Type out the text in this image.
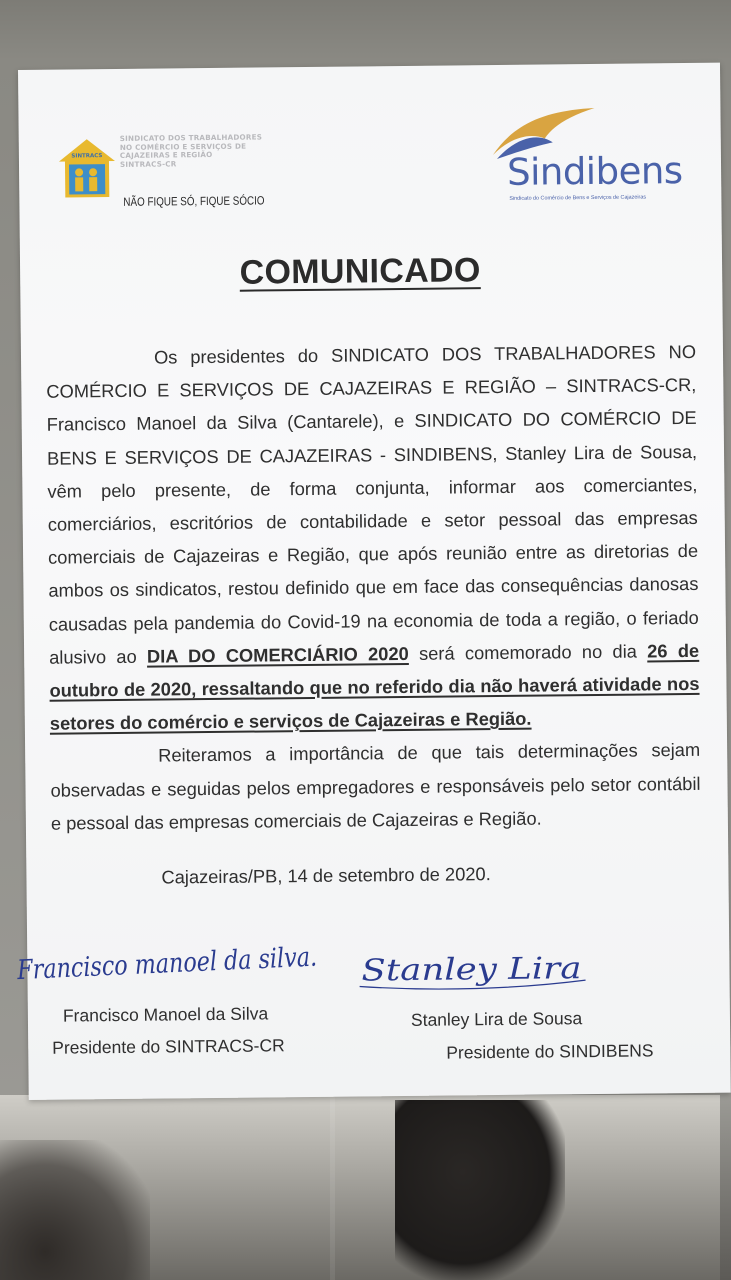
SINTRACS
SINDICATO DOS TRABALHADORES
NO COMÉRCIO E SERVIÇOS DE
CAJAZEIRAS E REGIÃO
SINTRACS-CR
NÃO FIQUE SÓ, FIQUE SÓCIO
Sindibens
Sindicato do Comércio de Bens e Serviços de Cajazeiras
COMUNICADO

Os presidentes do SINDICATO DOS TRABALHADORES NO COMÉRCIO E SERVIÇOS DE CAJAZEIRAS E REGIÃO – SINTRACS-CR, Francisco Manoel da Silva (Cantarele), e SINDICATO DO COMÉRCIO DE BENS E SERVIÇOS DE CAJAZEIRAS - SINDIBENS, Stanley Lira de Sousa, vêm pelo presente, de forma conjunta, informar aos comerciantes, comerciários, escritórios de contabilidade e setor pessoal das empresas comerciais de Cajazeiras e Região, que após reunião entre as diretorias de ambos os sindicatos, restou definido que em face das consequências danosas causadas pela pandemia do Covid-19 na economia de toda a região, o feriado alusivo ao DIA DO COMERCIÁRIO 2020 será comemorado no dia 26 de outubro de 2020, ressaltando que no referido dia não haverá atividade nos setores do comércio e serviços de Cajazeiras e Região.

Reiteramos a importância de que tais determinações sejam observadas e seguidas pelos empregadores e responsáveis pelo setor contábil e pessoal das empresas comerciais de Cajazeiras e Região.

Cajazeiras/PB, 14 de setembro de 2020.
Francisco manoel da silva.
Stanley Lira
Francisco Manoel da Silva
Presidente do SINTRACS-CR
Stanley Lira de Sousa
Presidente do SINDIBENS
